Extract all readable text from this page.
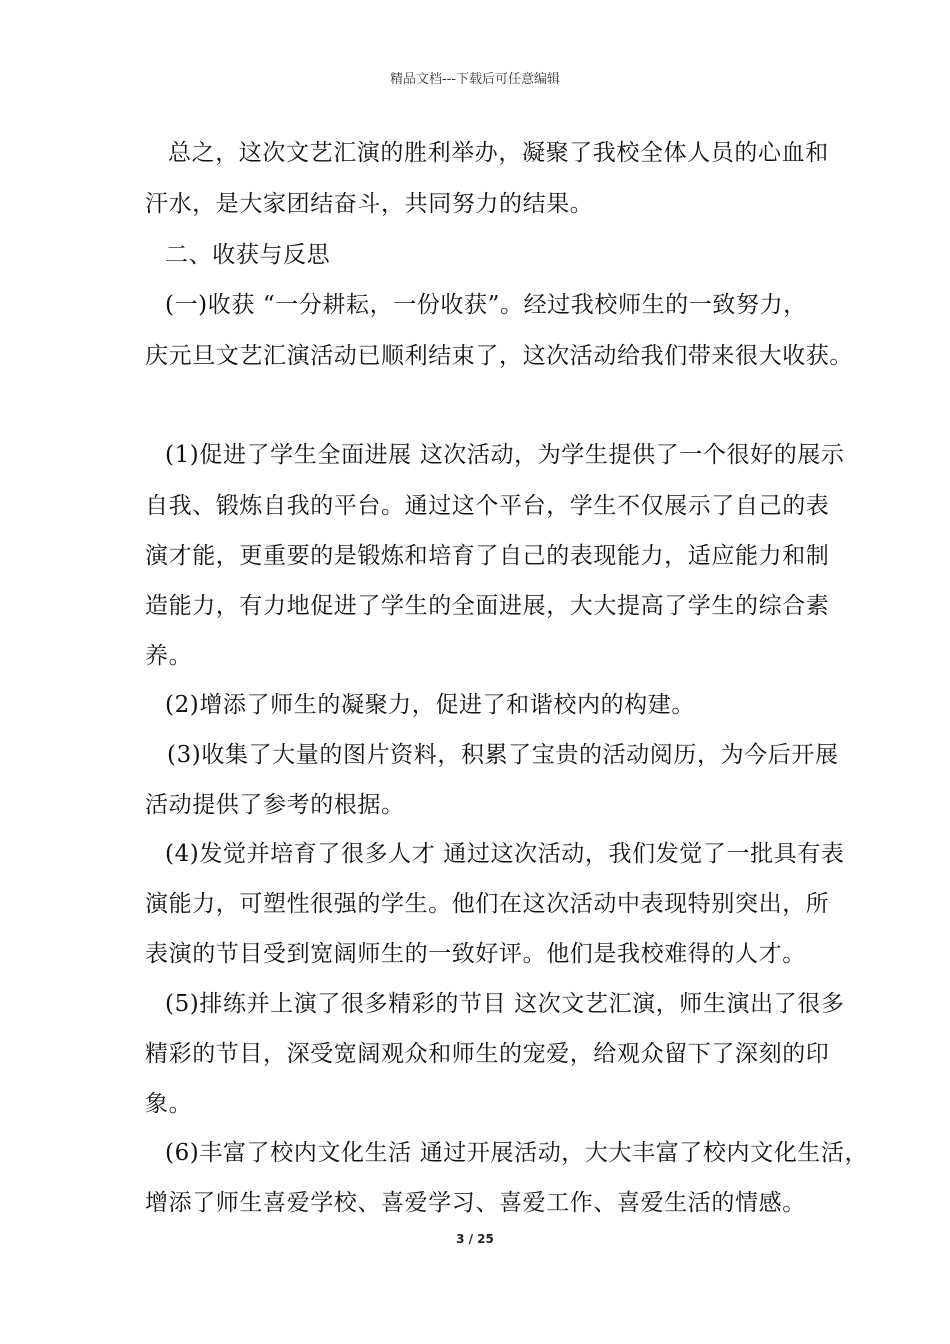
精品文档---下载后可任意编辑
总之，这次文艺汇演的胜利举办，凝聚了我校全体人员的心血和
汗水，是大家团结奋斗，共同努力的结果。
二、收获与反思
(一)收获 “一分耕耘，一份收获”。经过我校师生的一致努力，
庆元旦文艺汇演活动已顺利结束了，这次活动给我们带来很大收获。
(1)促进了学生全面进展 这次活动，为学生提供了一个很好的展示
自我、锻炼自我的平台。通过这个平台，学生不仅展示了自己的表
演才能，更重要的是锻炼和培育了自己的表现能力，适应能力和制
造能力，有力地促进了学生的全面进展，大大提高了学生的综合素
养。
(2)增添了师生的凝聚力，促进了和谐校内的构建。
(3)收集了大量的图片资料，积累了宝贵的活动阅历，为今后开展
活动提供了参考的根据。
(4)发觉并培育了很多人才 通过这次活动，我们发觉了一批具有表
演能力，可塑性很强的学生。他们在这次活动中表现特别突出，所
表演的节目受到宽阔师生的一致好评。他们是我校难得的人才。
(5)排练并上演了很多精彩的节目 这次文艺汇演，师生演出了很多
精彩的节目，深受宽阔观众和师生的宠爱，给观众留下了深刻的印
象。
(6)丰富了校内文化生活 通过开展活动，大大丰富了校内文化生活，
增添了师生喜爱学校、喜爱学习、喜爱工作、喜爱生活的情感。
3 / 25
